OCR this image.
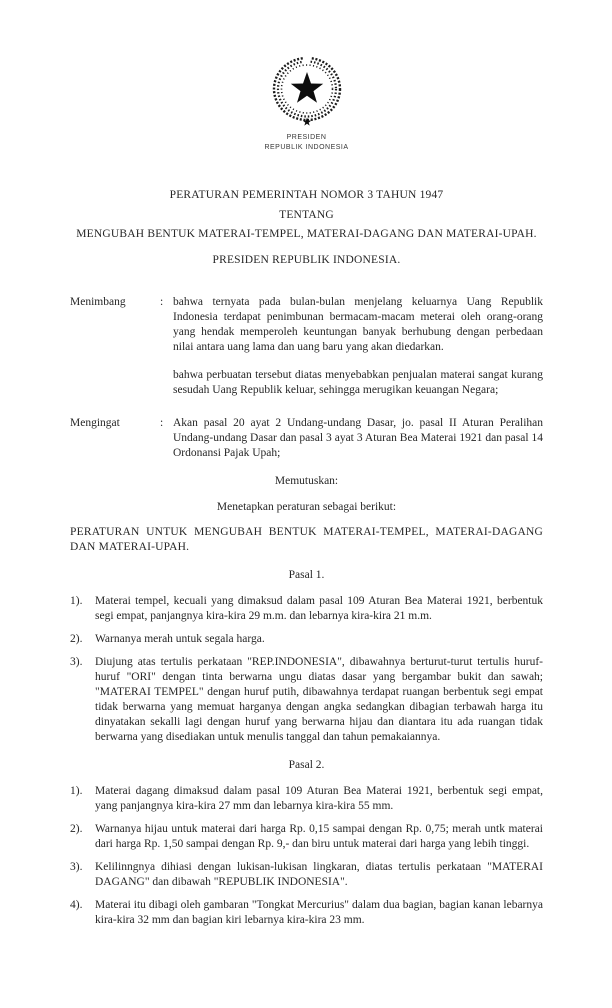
PRESIDEN
REPUBLIK INDONESIA
PERATURAN PEMERINTAH NOMOR 3 TAHUN 1947
TENTANG
MENGUBAH BENTUK MATERAI-TEMPEL, MATERAI-DAGANG DAN MATERAI-UPAH.
PRESIDEN REPUBLIK INDONESIA.
Menimbang	: bahwa ternyata pada bulan-bulan menjelang keluarnya Uang Republik Indonesia terdapat penimbunan bermacam-macam meterai oleh orang-orang yang hendak memperoleh keuntungan banyak berhubung dengan perbedaan nilai antara uang lama dan uang baru yang akan diedarkan.

bahwa perbuatan tersebut diatas menyebabkan penjualan materai sangat kurang sesudah Uang Republik keluar, sehingga merugikan keuangan Negara;

Mengingat	: Akan pasal 20 ayat 2 Undang-undang Dasar, jo. pasal II Aturan Peralihan Undang-undang Dasar dan pasal 3 ayat 3 Aturan Bea Materai 1921 dan pasal 14 Ordonansi Pajak Upah;

Memutuskan:
Menetapkan peraturan sebagai berikut:
PERATURAN UNTUK MENGUBAH BENTUK MATERAI-TEMPEL, MATERAI-DAGANG DAN MATERAI-UPAH.
Pasal 1.
1).	Materai tempel, kecuali yang dimaksud dalam pasal 109 Aturan Bea Materai 1921, berbentuk segi empat, panjangnya kira-kira 29 m.m. dan lebarnya kira-kira 21 m.m.
2).	Warnanya merah untuk segala harga.
3).	Diujung atas tertulis perkataan "REP.INDONESIA", dibawahnya berturut-turut tertulis huruf-huruf "ORI" dengan tinta berwarna ungu diatas dasar yang bergambar bukit dan sawah; "MATERAI TEMPEL" dengan huruf putih, dibawahnya terdapat ruangan berbentuk segi empat tidak berwarna yang memuat harganya dengan angka sedangkan dibagian terbawah harga itu dinyatakan sekalli lagi dengan huruf yang berwarna hijau dan diantara itu ada ruangan tidak berwarna yang disediakan untuk menulis tanggal dan tahun pemakaiannya.
Pasal 2.
1).	Materai dagang dimaksud dalam pasal 109 Aturan Bea Materai 1921, berbentuk segi empat, yang panjangnya kira-kira 27 mm dan lebarnya kira-kira 55 mm.
2).	Warnanya hijau untuk materai dari harga Rp. 0,15 sampai dengan Rp. 0,75; merah untk materai dari harga Rp. 1,50 sampai dengan Rp. 9,- dan biru untuk materai dari harga yang lebih tinggi.
3).	Kelilinngnya dihiasi dengan lukisan-lukisan lingkaran, diatas tertulis perkataan "MATERAI DAGANG" dan dibawah "REPUBLIK INDONESIA".
4).	Materai itu dibagi oleh gambaran "Tongkat Mercurius" dalam dua bagian, bagian kanan lebarnya kira-kira 32 mm dan bagian kiri lebarnya kira-kira 23 mm.
